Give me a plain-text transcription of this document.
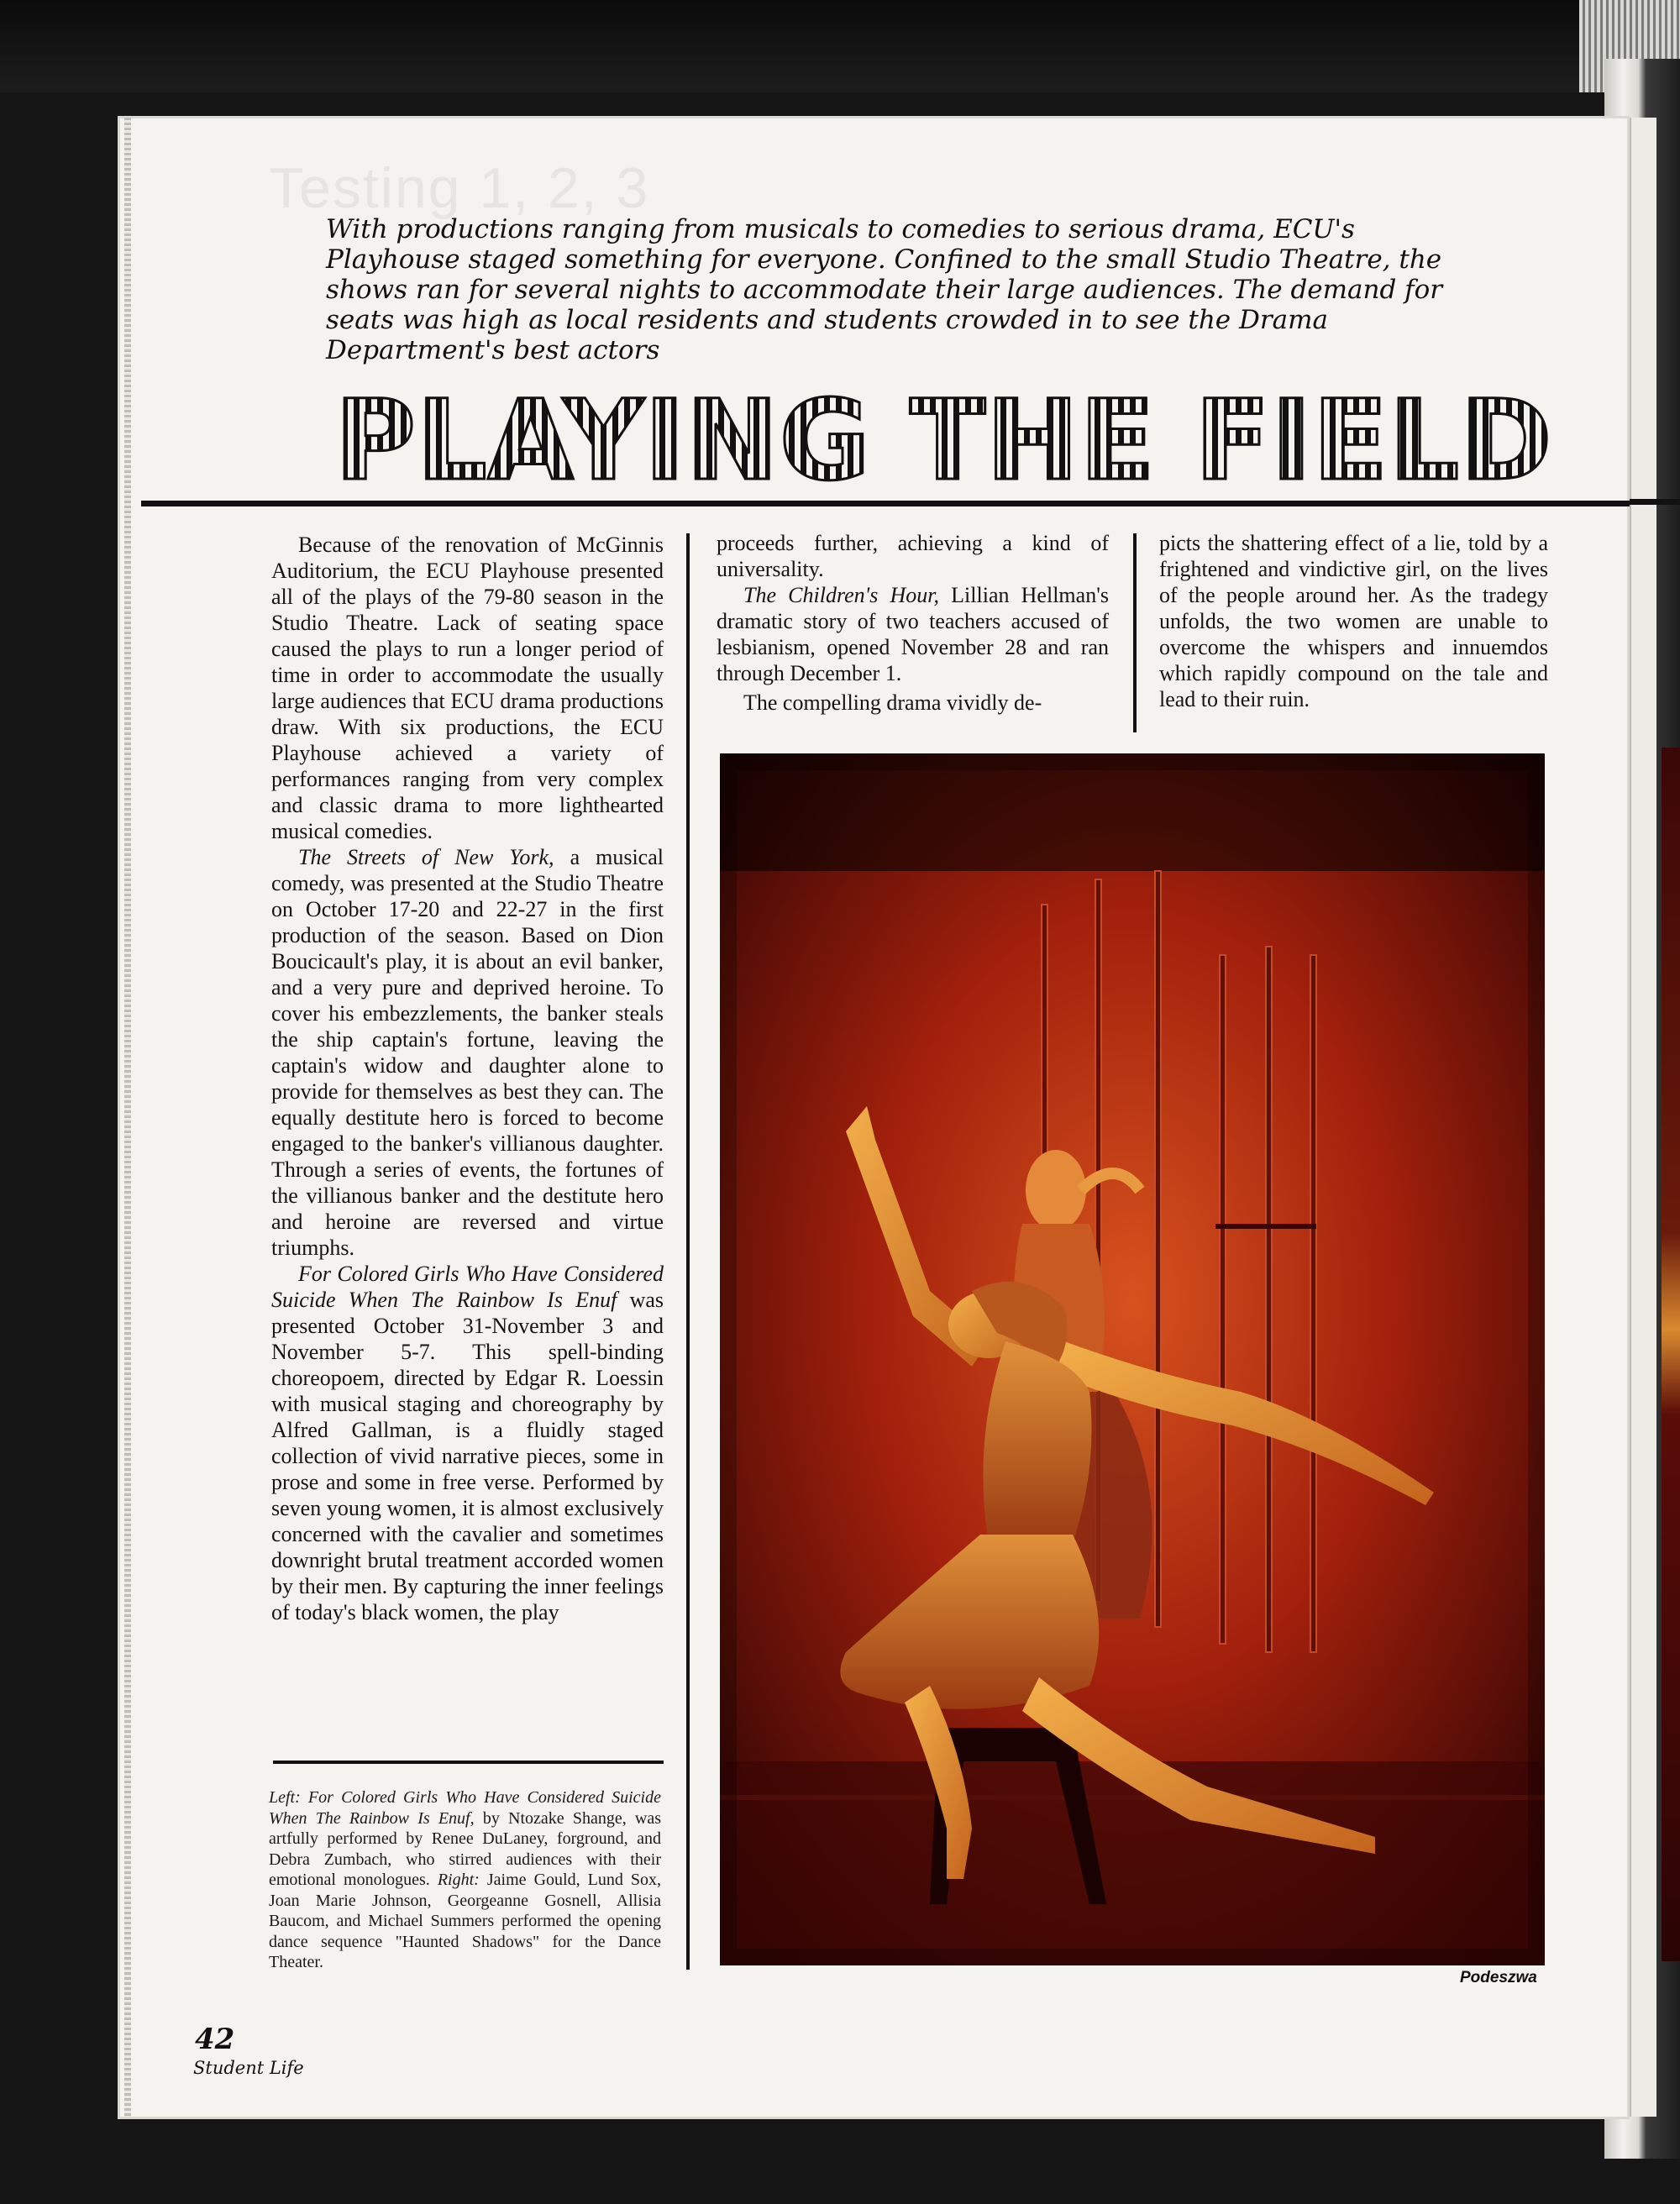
Testing 1, 2, 3
With productions ranging from musicals to comedies to serious drama, ECU's
Playhouse staged something for everyone. Confined to the small Studio Theatre, the
shows ran for several nights to accommodate their large audiences. The demand for
seats was high as local residents and students crowded in to see the Drama
Department's best actors
PLAYING THE FIELD

Because of the renovation of McGinnis Auditorium, the ECU Playhouse presented all of the plays of the 79-80 season in the Studio Theatre. Lack of seating space caused the plays to run a longer period of time in order to accommodate the usually large audiences that ECU drama productions draw. With six productions, the ECU Playhouse achieved a variety of performances ranging from very complex and classic drama to more lighthearted musical comedies.

The Streets of New York, a musical comedy, was presented at the Studio Theatre on October 17-20 and 22-27 in the first production of the season. Based on Dion Boucicault's play, it is about an evil banker, and a very pure and deprived heroine. To cover his embezzlements, the banker steals the ship captain's fortune, leaving the captain's widow and daughter alone to provide for themselves as best they can. The equally destitute hero is forced to become engaged to the banker's villianous daughter. Through a series of events, the fortunes of the villianous banker and the destitute hero and heroine are reversed and virtue triumphs.

For Colored Girls Who Have Considered Suicide When The Rainbow Is Enuf was presented October 31-November 3 and November 5-7. This spell-binding choreopoem, directed by Edgar R. Loessin with musical staging and choreography by Alfred Gallman, is a fluidly staged collection of vivid narrative pieces, some in prose and some in free verse. Performed by seven young women, it is almost exclusively concerned with the cavalier and sometimes downright brutal treatment accorded women by their men. By capturing the inner feelings of today's black women, the play

proceeds further, achieving a kind of universality.

The Children's Hour, Lillian Hellman's dramatic story of two teachers accused of lesbianism, opened November 28 and ran through December 1.

The compelling drama vividly de-

picts the shattering effect of a lie, told by a frightened and vindictive girl, on the lives of the people around her. As the tradegy unfolds, the two women are unable to overcome the whispers and innuemdos which rapidly compound on the tale and lead to their ruin.

Left: For Colored Girls Who Have Considered Suicide When The Rainbow Is Enuf, by Ntozake Shange, was artfully performed by Renee DuLaney, forground, and Debra Zumbach, who stirred audiences with their emotional monologues. Right: Jaime Gould, Lund Sox, Joan Marie Johnson, Georgeanne Gosnell, Allisia Baucom, and Michael Summers performed the opening dance sequence "Haunted Shadows" for the Dance Theater.
Podeszwa
42
Student Life
